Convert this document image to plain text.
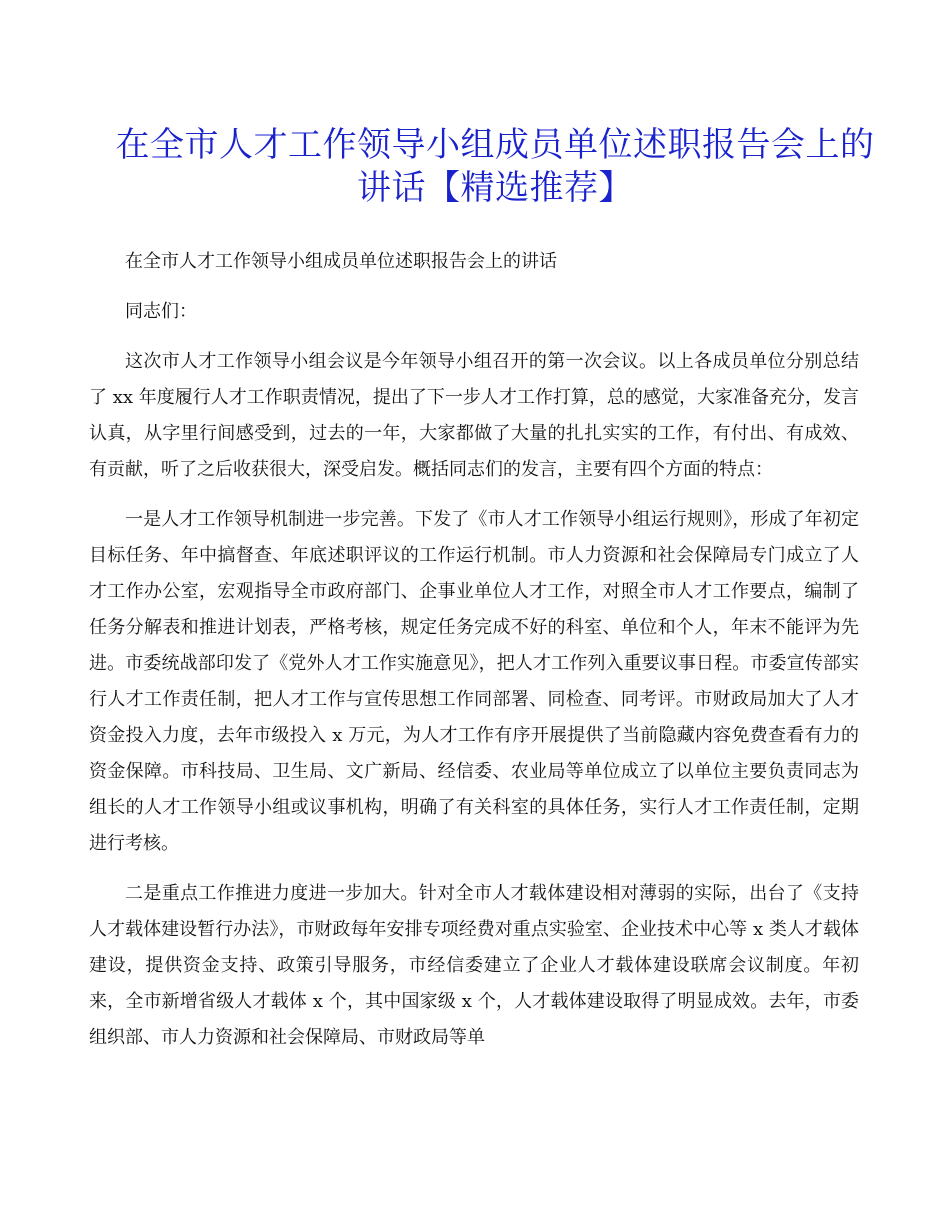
在全市人才工作领导小组成员单位述职报告会上的讲话【精选推荐】

在全市人才工作领导小组成员单位述职报告会上的讲话

同志们：

这次市人才工作领导小组会议是今年领导小组召开的第一次会议。以上各成员单位分别总结了 xx 年度履行人才工作职责情况，提出了下一步人才工作打算，总的感觉，大家准备充分，发言认真，从字里行间感受到，过去的一年，大家都做了大量的扎扎实实的工作，有付出、有成效、有贡献，听了之后收获很大，深受启发。概括同志们的发言，主要有四个方面的特点：

一是人才工作领导机制进一步完善。下发了《市人才工作领导小组运行规则》，形成了年初定目标任务、年中搞督查、年底述职评议的工作运行机制。市人力资源和社会保障局专门成立了人才工作办公室，宏观指导全市政府部门、企事业单位人才工作，对照全市人才工作要点，编制了任务分解表和推进计划表，严格考核，规定任务完成不好的科室、单位和个人，年末不能评为先进。市委统战部印发了《党外人才工作实施意见》，把人才工作列入重要议事日程。市委宣传部实行人才工作责任制，把人才工作与宣传思想工作同部署、同检查、同考评。市财政局加大了人才资金投入力度，去年市级投入 x 万元，为人才工作有序开展提供了当前隐藏内容免费查看有力的资金保障。市科技局、卫生局、文广新局、经信委、农业局等单位成立了以单位主要负责同志为组长的人才工作领导小组或议事机构，明确了有关科室的具体任务，实行人才工作责任制，定期进行考核。

二是重点工作推进力度进一步加大。针对全市人才载体建设相对薄弱的实际，出台了《支持人才载体建设暂行办法》，市财政每年安排专项经费对重点实验室、企业技术中心等 x 类人才载体建设，提供资金支持、政策引导服务，市经信委建立了企业人才载体建设联席会议制度。年初来，全市新增省级人才载体 x 个，其中国家级 x 个，人才载体建设取得了明显成效。去年，市委组织部、市人力资源和社会保障局、市财政局等单
